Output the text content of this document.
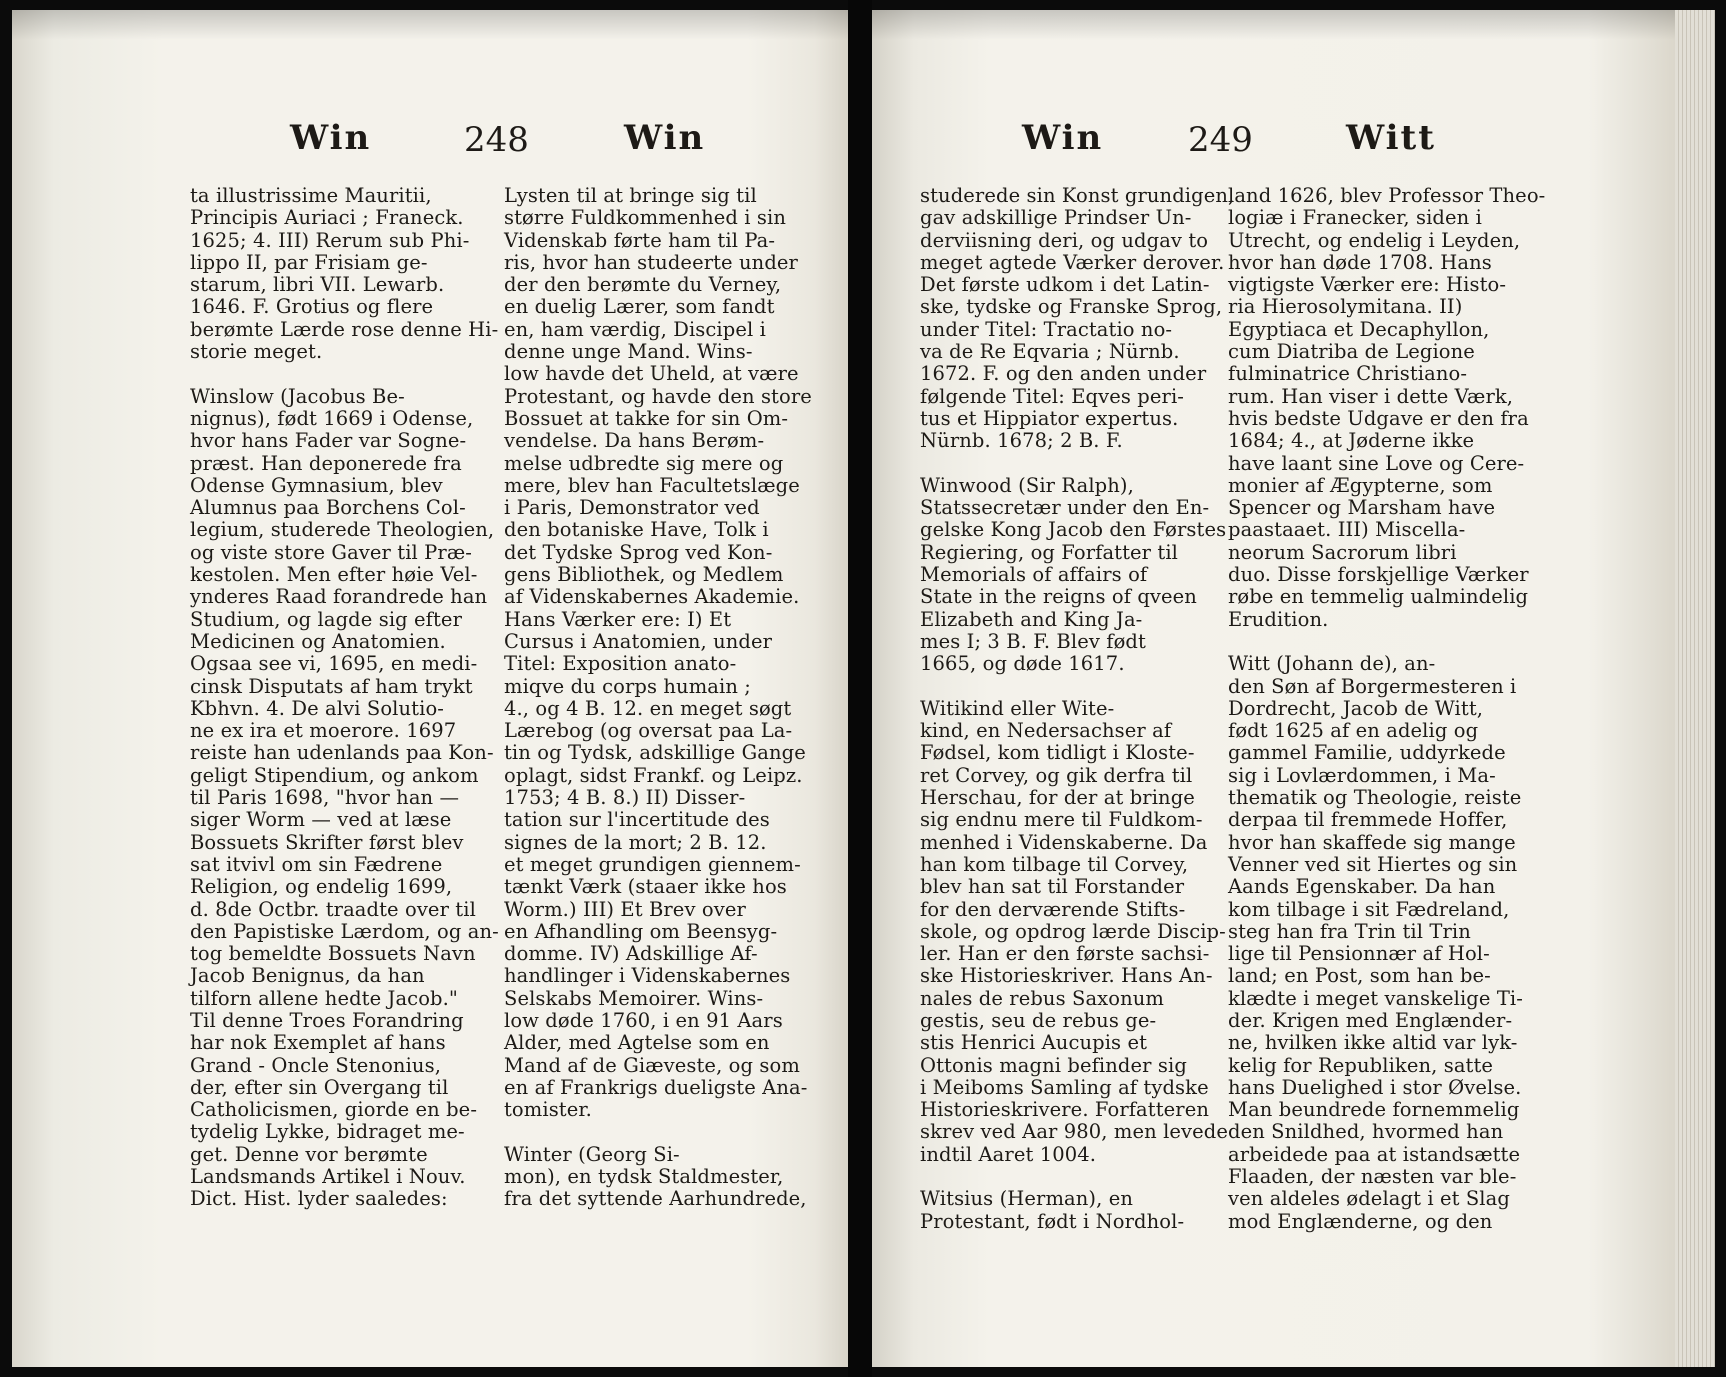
Win	248	Win
ta illustrissime Mauritii,
Principis Auriaci ; Franeck.
1625; 4. III) Rerum sub Phi-
lippo II, par Frisiam ge-
starum, libri VII. Lewarb.
1646. F. Grotius og flere
berømte Lærde rose denne Hi-
storie meget.

Winslow (Jacobus Be-
nignus), født 1669 i Odense,
hvor hans Fader var Sogne-
præst. Han deponerede fra
Odense Gymnasium, blev
Alumnus paa Borchens Col-
legium, studerede Theologien,
og viste store Gaver til Præ-
kestolen. Men efter høie Vel-
ynderes Raad forandrede han
Studium, og lagde sig efter
Medicinen og Anatomien.
Ogsaa see vi, 1695, en medi-
cinsk Disputats af ham trykt
Kbhvn. 4. De alvi Solutio-
ne ex ira et moerore. 1697
reiste han udenlands paa Kon-
geligt Stipendium, og ankom
til Paris 1698, "hvor han —
siger Worm — ved at læse
Bossuets Skrifter først blev
sat itvivl om sin Fædrene
Religion, og endelig 1699,
d. 8de Octbr. traadte over til
den Papistiske Lærdom, og an-
tog bemeldte Bossuets Navn
Jacob Benignus, da han
tilforn allene hedte Jacob."
Til denne Troes Forandring
har nok Exemplet af hans
Grand - Oncle Stenonius,
der, efter sin Overgang til
Catholicismen, giorde en be-
tydelig Lykke, bidraget me-
get. Denne vor berømte
Landsmands Artikel i Nouv.
Dict. Hist. lyder saaledes:
Lysten til at bringe sig til
større Fuldkommenhed i sin
Videnskab førte ham til Pa-
ris, hvor han studeerte under
der den berømte du Verney,
en duelig Lærer, som fandt
en, ham værdig, Discipel i
denne unge Mand. Wins-
low havde det Uheld, at være
Protestant, og havde den store
Bossuet at takke for sin Om-
vendelse. Da hans Berøm-
melse udbredte sig mere og
mere, blev han Facultetslæge
i Paris, Demonstrator ved
den botaniske Have, Tolk i
det Tydske Sprog ved Kon-
gens Bibliothek, og Medlem
af Videnskabernes Akademie.
Hans Værker ere: I) Et
Cursus i Anatomien, under
Titel: Exposition anato-
miqve du corps humain ;
4., og 4 B. 12. en meget søgt
Lærebog (og oversat paa La-
tin og Tydsk, adskillige Gange
oplagt, sidst Frankf. og Leipz.
1753; 4 B. 8.) II) Disser-
tation sur l'incertitude des
signes de la mort; 2 B. 12.
et meget grundigen giennem-
tænkt Værk (staaer ikke hos
Worm.) III) Et Brev over
en Afhandling om Beensyg-
domme. IV) Adskillige Af-
handlinger i Videnskabernes
Selskabs Memoirer. Wins-
low døde 1760, i en 91 Aars
Alder, med Agtelse som en
Mand af de Giæveste, og som
en af Frankrigs dueligste Ana-
tomister.

Winter (Georg Si-
mon), en tydsk Staldmester,
fra det syttende Aarhundrede,
Win 249	Witt
studerede sin Konst grundigen,
gav adskillige Prindser Un-
derviisning deri, og udgav to
meget agtede Værker derover.
Det første udkom i det Latin-
ske, tydske og Franske Sprog,
under Titel: Tractatio no-
va de Re Eqvaria ; Nürnb.
1672. F. og den anden under
følgende Titel: Eqves peri-
tus et Hippiator expertus.
Nürnb. 1678; 2 B. F.

Winwood (Sir Ralph),
Statssecretær under den En-
gelske Kong Jacob den Førstes
Regiering, og Forfatter til
Memorials of affairs of
State in the reigns of qveen
Elizabeth and King Ja-
mes I; 3 B. F. Blev født
1665, og døde 1617.

Witikind eller Wite-
kind, en Nedersachser af
Fødsel, kom tidligt i Kloste-
ret Corvey, og gik derfra til
Herschau, for der at bringe
sig endnu mere til Fuldkom-
menhed i Videnskaberne. Da
han kom tilbage til Corvey,
blev han sat til Forstander
for den derværende Stifts-
skole, og opdrog lærde Discip-
ler. Han er den første sachsi-
ske Historieskriver. Hans An-
nales de rebus Saxonum
gestis, seu de rebus ge-
stis Henrici Aucupis et
Ottonis magni befinder sig
i Meiboms Samling af tydske
Historieskrivere. Forfatteren
skrev ved Aar 980, men levede
indtil Aaret 1004.

Witsius (Herman), en
Protestant, født i Nordhol-
land 1626, blev Professor Theo-
logiæ i Franecker, siden i
Utrecht, og endelig i Leyden,
hvor han døde 1708. Hans
vigtigste Værker ere: Histo-
ria Hierosolymitana. II)
Egyptiaca et Decaphyllon,
cum Diatriba de Legione
fulminatrice Christiano-
rum. Han viser i dette Værk,
hvis bedste Udgave er den fra
1684; 4., at Jøderne ikke
have laant sine Love og Cere-
monier af Ægypterne, som
Spencer og Marsham have
paastaaet. III) Miscella-
neorum Sacrorum libri
duo. Disse forskjellige Værker
røbe en temmelig ualmindelig
Erudition.

Witt (Johann de), an-
den Søn af Borgermesteren i
Dordrecht, Jacob de Witt,
født 1625 af en adelig og
gammel Familie, uddyrkede
sig i Lovlærdommen, i Ma-
thematik og Theologie, reiste
derpaa til fremmede Hoffer,
hvor han skaffede sig mange
Venner ved sit Hiertes og sin
Aands Egenskaber. Da han
kom tilbage i sit Fædreland,
steg han fra Trin til Trin
lige til Pensionnær af Hol-
land; en Post, som han be-
klædte i meget vanskelige Ti-
der. Krigen med Englænder-
ne, hvilken ikke altid var lyk-
kelig for Republiken, satte
hans Duelighed i stor Øvelse.
Man beundrede fornemmelig
den Snildhed, hvormed han
arbeidede paa at istandsætte
Flaaden, der næsten var ble-
ven aldeles ødelagt i et Slag
mod Englænderne, og den
